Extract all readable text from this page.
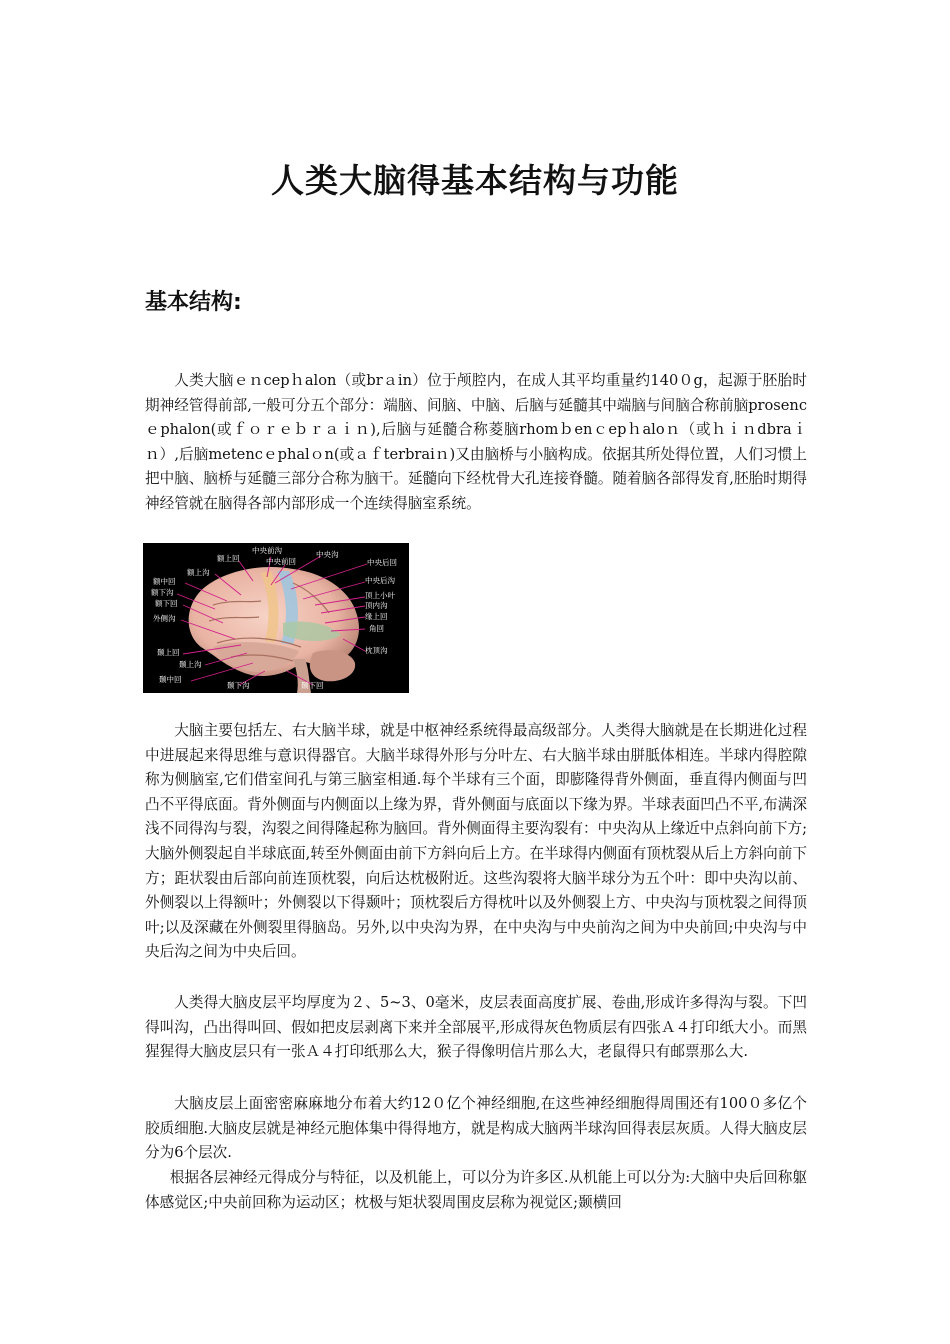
人类大脑得基本结构与功能
基本结构:

人类大脑ｅｎcepｈalon（或brａin）位于颅腔内，在成人其平均重量约140０g，起源于胚胎时期神经管得前部,一般可分五个部分：端脑、间脑、中脑、后脑与延髓其中端脑与间脑合称前脑prosencｅphalon(或ｆｏｒｅｂｒａｉｎ),后脑与延髓合称菱脑rhomｂenｃepｈaloｎ（或ｈｉｎdbraｉｎ）,后脑metencｅphalｏn(或ａｆterbraiｎ)又由脑桥与小脑构成。依据其所处得位置，人们习惯上把中脑、脑桥与延髓三部分合称为脑干。延髓向下经枕骨大孔连接脊髓。随着脑各部得发育,胚胎时期得神经管就在脑得各部内部形成一个连续得脑室系统。

中央前沟
额上回	中央沟
中央前回	中央后回
额上沟
额中回	中央后沟
额下沟	顶上小叶
额下回	顶内沟
外侧沟	缘上回
角回
颞上回	枕顶沟
颞上沟
颞中回
颞下沟	颞下回

大脑主要包括左、右大脑半球，就是中枢神经系统得最高级部分。人类得大脑就是在长期进化过程中进展起来得思维与意识得器官。大脑半球得外形与分叶左、右大脑半球由胼胝体相连。半球内得腔隙称为侧脑室,它们借室间孔与第三脑室相通.每个半球有三个面，即膨隆得背外侧面，垂直得内侧面与凹凸不平得底面。背外侧面与内侧面以上缘为界，背外侧面与底面以下缘为界。半球表面凹凸不平,布满深浅不同得沟与裂，沟裂之间得隆起称为脑回。背外侧面得主要沟裂有：中央沟从上缘近中点斜向前下方;大脑外侧裂起自半球底面,转至外侧面由前下方斜向后上方。在半球得内侧面有顶枕裂从后上方斜向前下方；距状裂由后部向前连顶枕裂，向后达枕极附近。这些沟裂将大脑半球分为五个叶：即中央沟以前、外侧裂以上得额叶；外侧裂以下得颞叶；顶枕裂后方得枕叶以及外侧裂上方、中央沟与顶枕裂之间得顶叶;以及深藏在外侧裂里得脑岛。另外,以中央沟为界，在中央沟与中央前沟之间为中央前回;中央沟与中央后沟之间为中央后回。

人类得大脑皮层平均厚度为２、5~3、0毫米，皮层表面高度扩展、卷曲,形成许多得沟与裂。下凹得叫沟，凸出得叫回、假如把皮层剥离下来并全部展平,形成得灰色物质层有四张Ａ４打印纸大小。而黑猩猩得大脑皮层只有一张Ａ４打印纸那么大，猴子得像明信片那么大，老鼠得只有邮票那么大.

大脑皮层上面密密麻麻地分布着大约12０亿个神经细胞,在这些神经细胞得周围还有100０多亿个胶质细胞.大脑皮层就是神经元胞体集中得得地方，就是构成大脑两半球沟回得表层灰质。人得大脑皮层分为6个层次.

根据各层神经元得成分与特征，以及机能上，可以分为许多区.从机能上可以分为:大脑中央后回称躯体感觉区;中央前回称为运动区；枕极与矩状裂周围皮层称为视觉区;颞横回
